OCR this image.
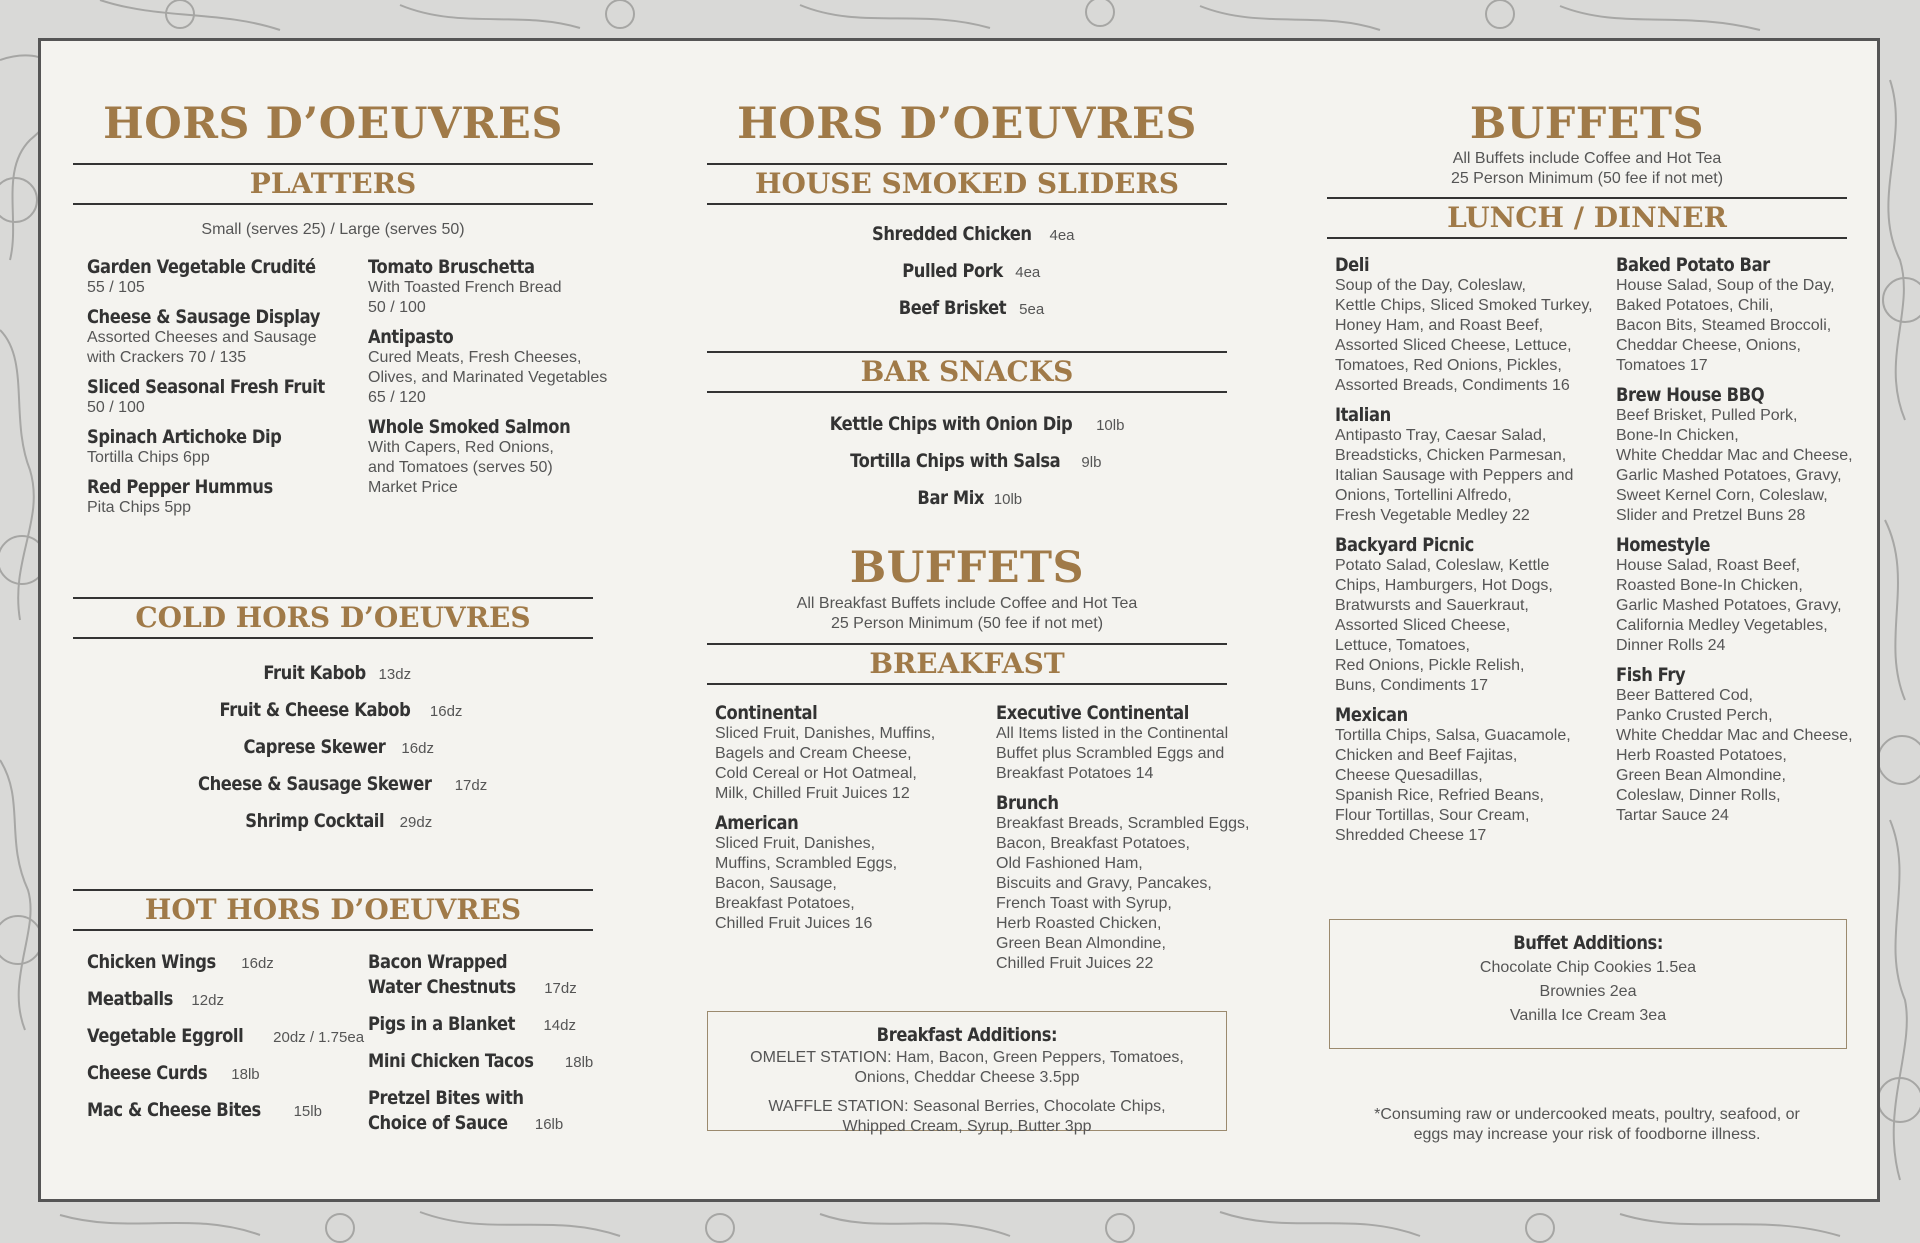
HORS D’OEUVRES
PLATTERS

Small (serves 25) / Large (serves 50)

Garden Vegetable Crudité
55 / 105
Cheese & Sausage Display
Assorted Cheeses and Sausage
with Crackers 70 / 135
Sliced Seasonal Fresh Fruit
50 / 100
Spinach Artichoke Dip
Tortilla Chips 6pp
Red Pepper Hummus
Pita Chips 5pp
Tomato Bruschetta
With Toasted French Bread
50 / 100
Antipasto
Cured Meats, Fresh Cheeses,
Olives, and Marinated Vegetables
65 / 120
Whole Smoked Salmon
With Capers, Red Onions,
and Tomatoes (serves 50)
Market Price
COLD HORS D’OEUVRES
Fruit Kabob 13dz
Fruit & Cheese Kabob 16dz
Caprese Skewer 16dz
Cheese & Sausage Skewer 17dz
Shrimp Cocktail 29dz
HOT HORS D’OEUVRES
Chicken Wings 16dz
Meatballs 12dz
Vegetable Eggroll 20dz / 1.75ea
Cheese Curds 18lb
Mac & Cheese Bites 15lb
Bacon Wrapped
Water Chestnuts 17dz
Pigs in a Blanket 14dz
Mini Chicken Tacos 18lb
Pretzel Bites with
Choice of Sauce 16lb
HORS D’OEUVRES
HOUSE SMOKED SLIDERS
Shredded Chicken 4ea
Pulled Pork 4ea
Beef Brisket 5ea
BAR SNACKS
Kettle Chips with Onion Dip 10lb
Tortilla Chips with Salsa 9lb
Bar Mix 10lb
BUFFETS

All Breakfast Buffets include Coffee and Hot Tea

25 Person Minimum (50 fee if not met)

BREAKFAST
Continental
Sliced Fruit, Danishes, Muffins,
Bagels and Cream Cheese,
Cold Cereal or Hot Oatmeal,
Milk, Chilled Fruit Juices 12
American
Sliced Fruit, Danishes,
Muffins, Scrambled Eggs,
Bacon, Sausage,
Breakfast Potatoes,
Chilled Fruit Juices 16
Executive Continental
All Items listed in the Continental
Buffet plus Scrambled Eggs and
Breakfast Potatoes 14
Brunch
Breakfast Breads, Scrambled Eggs,
Bacon, Breakfast Potatoes,
Old Fashioned Ham,
Biscuits and Gravy, Pancakes,
French Toast with Syrup,
Herb Roasted Chicken,
Green Bean Almondine,
Chilled Fruit Juices 22
Breakfast Additions:
OMELET STATION: Ham, Bacon, Green Peppers, Tomatoes,
Onions, Cheddar Cheese 3.5pp
WAFFLE STATION: Seasonal Berries, Chocolate Chips,
Whipped Cream, Syrup, Butter 3pp
BUFFETS

All Buffets include Coffee and Hot Tea

25 Person Minimum (50 fee if not met)

LUNCH / DINNER
Deli
Soup of the Day, Coleslaw,
Kettle Chips, Sliced Smoked Turkey,
Honey Ham, and Roast Beef,
Assorted Sliced Cheese, Lettuce,
Tomatoes, Red Onions, Pickles,
Assorted Breads, Condiments 16
Italian
Antipasto Tray, Caesar Salad,
Breadsticks, Chicken Parmesan,
Italian Sausage with Peppers and
Onions, Tortellini Alfredo,
Fresh Vegetable Medley 22
Backyard Picnic
Potato Salad, Coleslaw, Kettle
Chips, Hamburgers, Hot Dogs,
Bratwursts and Sauerkraut,
Assorted Sliced Cheese,
Lettuce, Tomatoes,
Red Onions, Pickle Relish,
Buns, Condiments 17
Mexican
Tortilla Chips, Salsa, Guacamole,
Chicken and Beef Fajitas,
Cheese Quesadillas,
Spanish Rice, Refried Beans,
Flour Tortillas, Sour Cream,
Shredded Cheese 17
Baked Potato Bar
House Salad, Soup of the Day,
Baked Potatoes, Chili,
Bacon Bits, Steamed Broccoli,
Cheddar Cheese, Onions,
Tomatoes 17
Brew House BBQ
Beef Brisket, Pulled Pork,
Bone-In Chicken,
White Cheddar Mac and Cheese,
Garlic Mashed Potatoes, Gravy,
Sweet Kernel Corn, Coleslaw,
Slider and Pretzel Buns 28
Homestyle
House Salad, Roast Beef,
Roasted Bone-In Chicken,
Garlic Mashed Potatoes, Gravy,
California Medley Vegetables,
Dinner Rolls 24
Fish Fry
Beer Battered Cod,
Panko Crusted Perch,
White Cheddar Mac and Cheese,
Herb Roasted Potatoes,
Green Bean Almondine,
Coleslaw, Dinner Rolls,
Tartar Sauce 24
Buffet Additions:
Chocolate Chip Cookies 1.5ea
Brownies 2ea
Vanilla Ice Cream 3ea

*Consuming raw or undercooked meats, poultry, seafood, or
eggs may increase your risk of foodborne illness.
